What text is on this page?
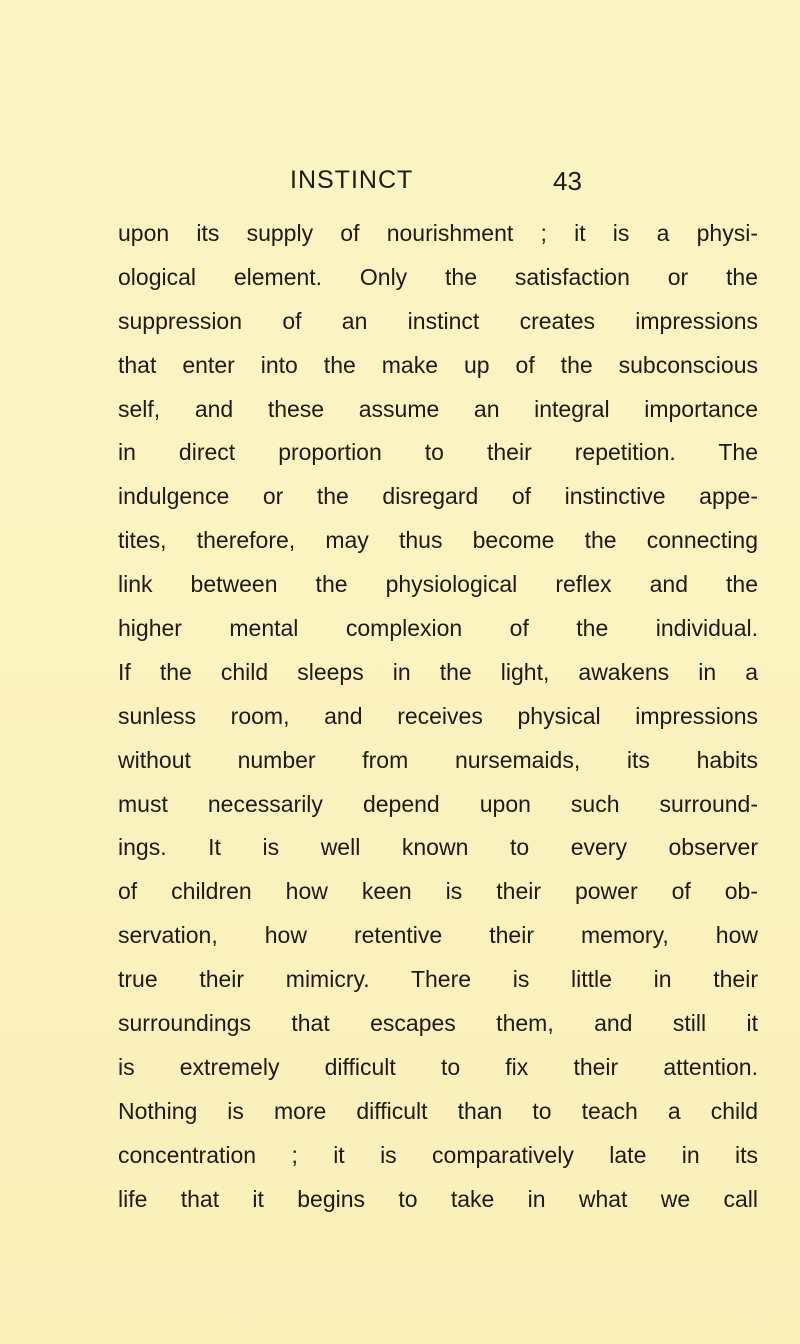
INSTINCT	43
upon its supply of nourishment ; it is a physi-
ological element. Only the satisfaction or the
suppression of an instinct creates impressions
that enter into the make up of the subconscious
self, and these assume an integral importance
in direct proportion to their repetition. The
indulgence or the disregard of instinctive appe-
tites, therefore, may thus become the connecting
link between the physiological reflex and the
higher mental complexion of the individual.
If the child sleeps in the light, awakens in a
sunless room, and receives physical impressions
without number from nursemaids, its habits
must necessarily depend upon such surround-
ings. It is well known to every observer
of children how keen is their power of ob-
servation, how retentive their memory, how
true their mimicry. There is little in their
surroundings that escapes them, and still it
is extremely difficult to fix their attention.
Nothing is more difficult than to teach a child
concentration ; it is comparatively late in its
life that it begins to take in what we call
